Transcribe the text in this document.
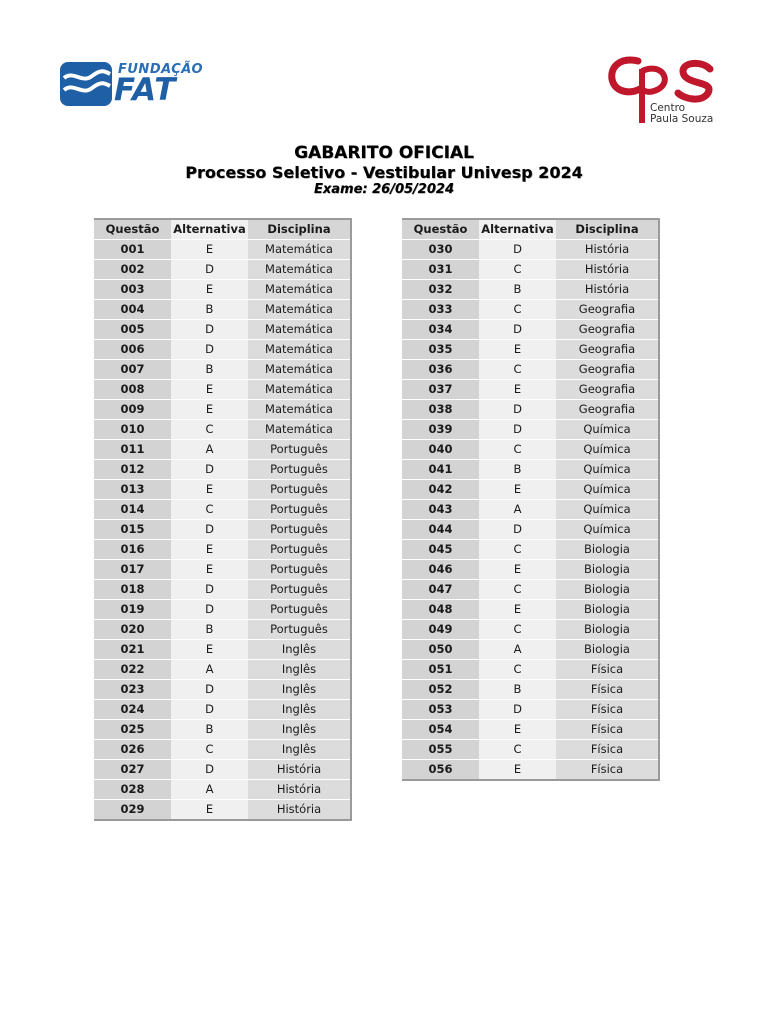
FUNDAÇÃO
FAT	Centro
Paula Souza
GABARITO OFICIAL
Processo Seletivo - Vestibular Univesp 2024
Exame: 26/05/2024
Questão	Alternativa	Disciplina
001	E	Matemática
002	D	Matemática
003	E	Matemática
004	B	Matemática
005	D	Matemática
006	D	Matemática
007	B	Matemática
008	E	Matemática
009	E	Matemática
010	C	Matemática
011	A	Português
012	D	Português
013	E	Português
014	C	Português
015	D	Português
016	E	Português
017	E	Português
018	D	Português
019	D	Português
020	B	Português
021	E	Inglês
022	A	Inglês
023	D	Inglês
024	D	Inglês
025	B	Inglês
026	C	Inglês
027	D	História
028	A	História
029	E	História
Questão	Alternativa	Disciplina
030	D	História
031	C	História
032	B	História
033	C	Geografia
034	D	Geografia
035	E	Geografia
036	C	Geografia
037	E	Geografia
038	D	Geografia
039	D	Química
040	C	Química
041	B	Química
042	E	Química
043	A	Química
044	D	Química
045	C	Biologia
046	E	Biologia
047	C	Biologia
048	E	Biologia
049	C	Biologia
050	A	Biologia
051	C	Física
052	B	Física
053	D	Física
054	E	Física
055	C	Física
056	E	Física
